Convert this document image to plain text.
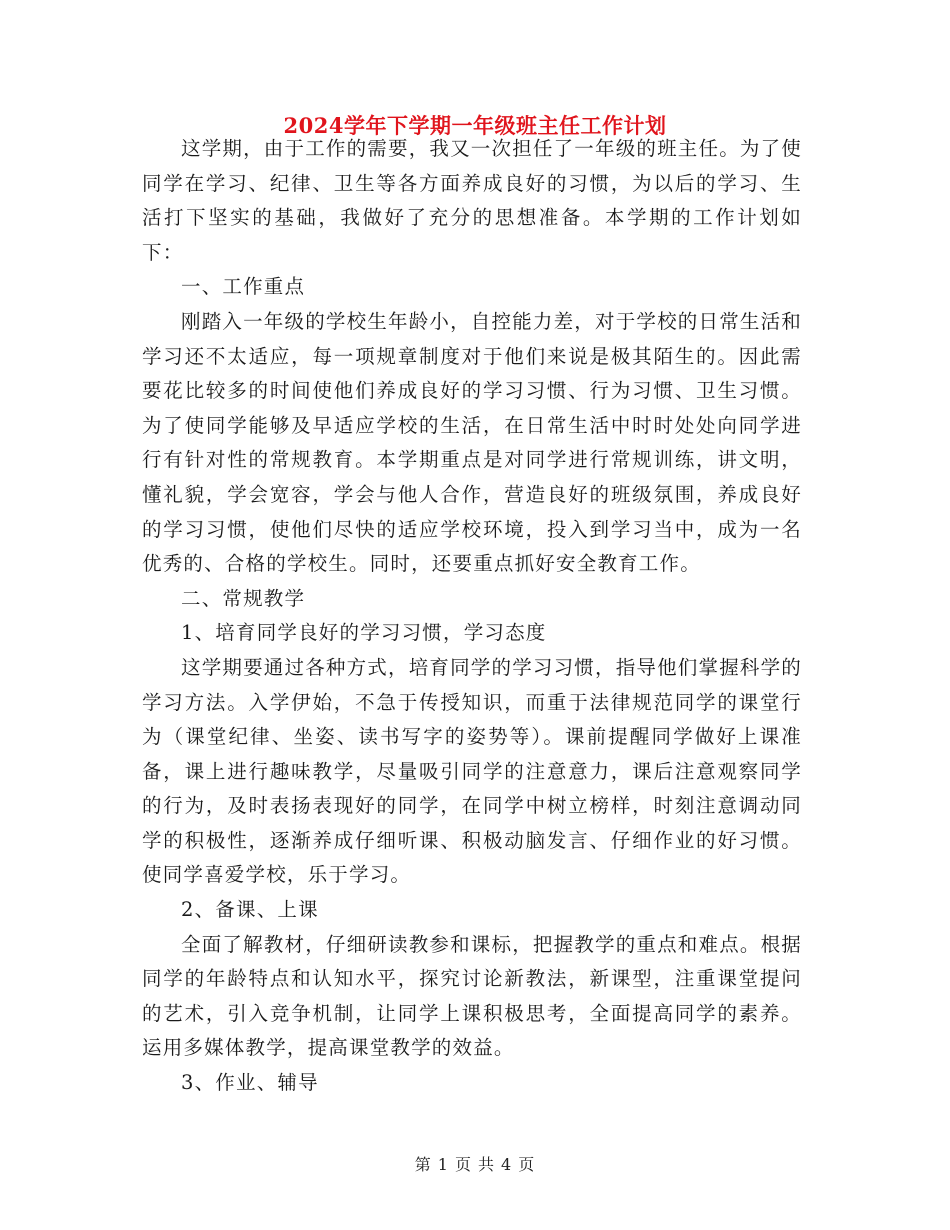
2024学年下学期一年级班主任工作计划

这学期，由于工作的需要，我又一次担任了一年级的班主任。为了使同学在学习、纪律、卫生等各方面养成良好的习惯，为以后的学习、生活打下坚实的基础，我做好了充分的思想准备。本学期的工作计划如下：

一、工作重点

刚踏入一年级的学校生年龄小，自控能力差，对于学校的日常生活和学习还不太适应，每一项规章制度对于他们来说是极其陌生的。因此需要花比较多的时间使他们养成良好的学习习惯、行为习惯、卫生习惯。为了使同学能够及早适应学校的生活，在日常生活中时时处处向同学进行有针对性的常规教育。本学期重点是对同学进行常规训练，讲文明，懂礼貌，学会宽容，学会与他人合作，营造良好的班级氛围，养成良好的学习习惯，使他们尽快的适应学校环境，投入到学习当中，成为一名优秀的、合格的学校生。同时，还要重点抓好安全教育工作。

二、常规教学

1、培育同学良好的学习习惯，学习态度

这学期要通过各种方式，培育同学的学习习惯，指导他们掌握科学的学习方法。入学伊始，不急于传授知识，而重于法律规范同学的课堂行为（课堂纪律、坐姿、读书写字的姿势等）。课前提醒同学做好上课准备，课上进行趣味教学，尽量吸引同学的注意意力，课后注意观察同学的行为，及时表扬表现好的同学，在同学中树立榜样，时刻注意调动同学的积极性，逐渐养成仔细听课、积极动脑发言、仔细作业的好习惯。使同学喜爱学校，乐于学习。

2、备课、上课

全面了解教材，仔细研读教参和课标，把握教学的重点和难点。根据同学的年龄特点和认知水平，探究讨论新教法，新课型，注重课堂提问的艺术，引入竞争机制，让同学上课积极思考，全面提高同学的素养。运用多媒体教学，提高课堂教学的效益。

3、作业、辅导

第 1 页 共 4 页
